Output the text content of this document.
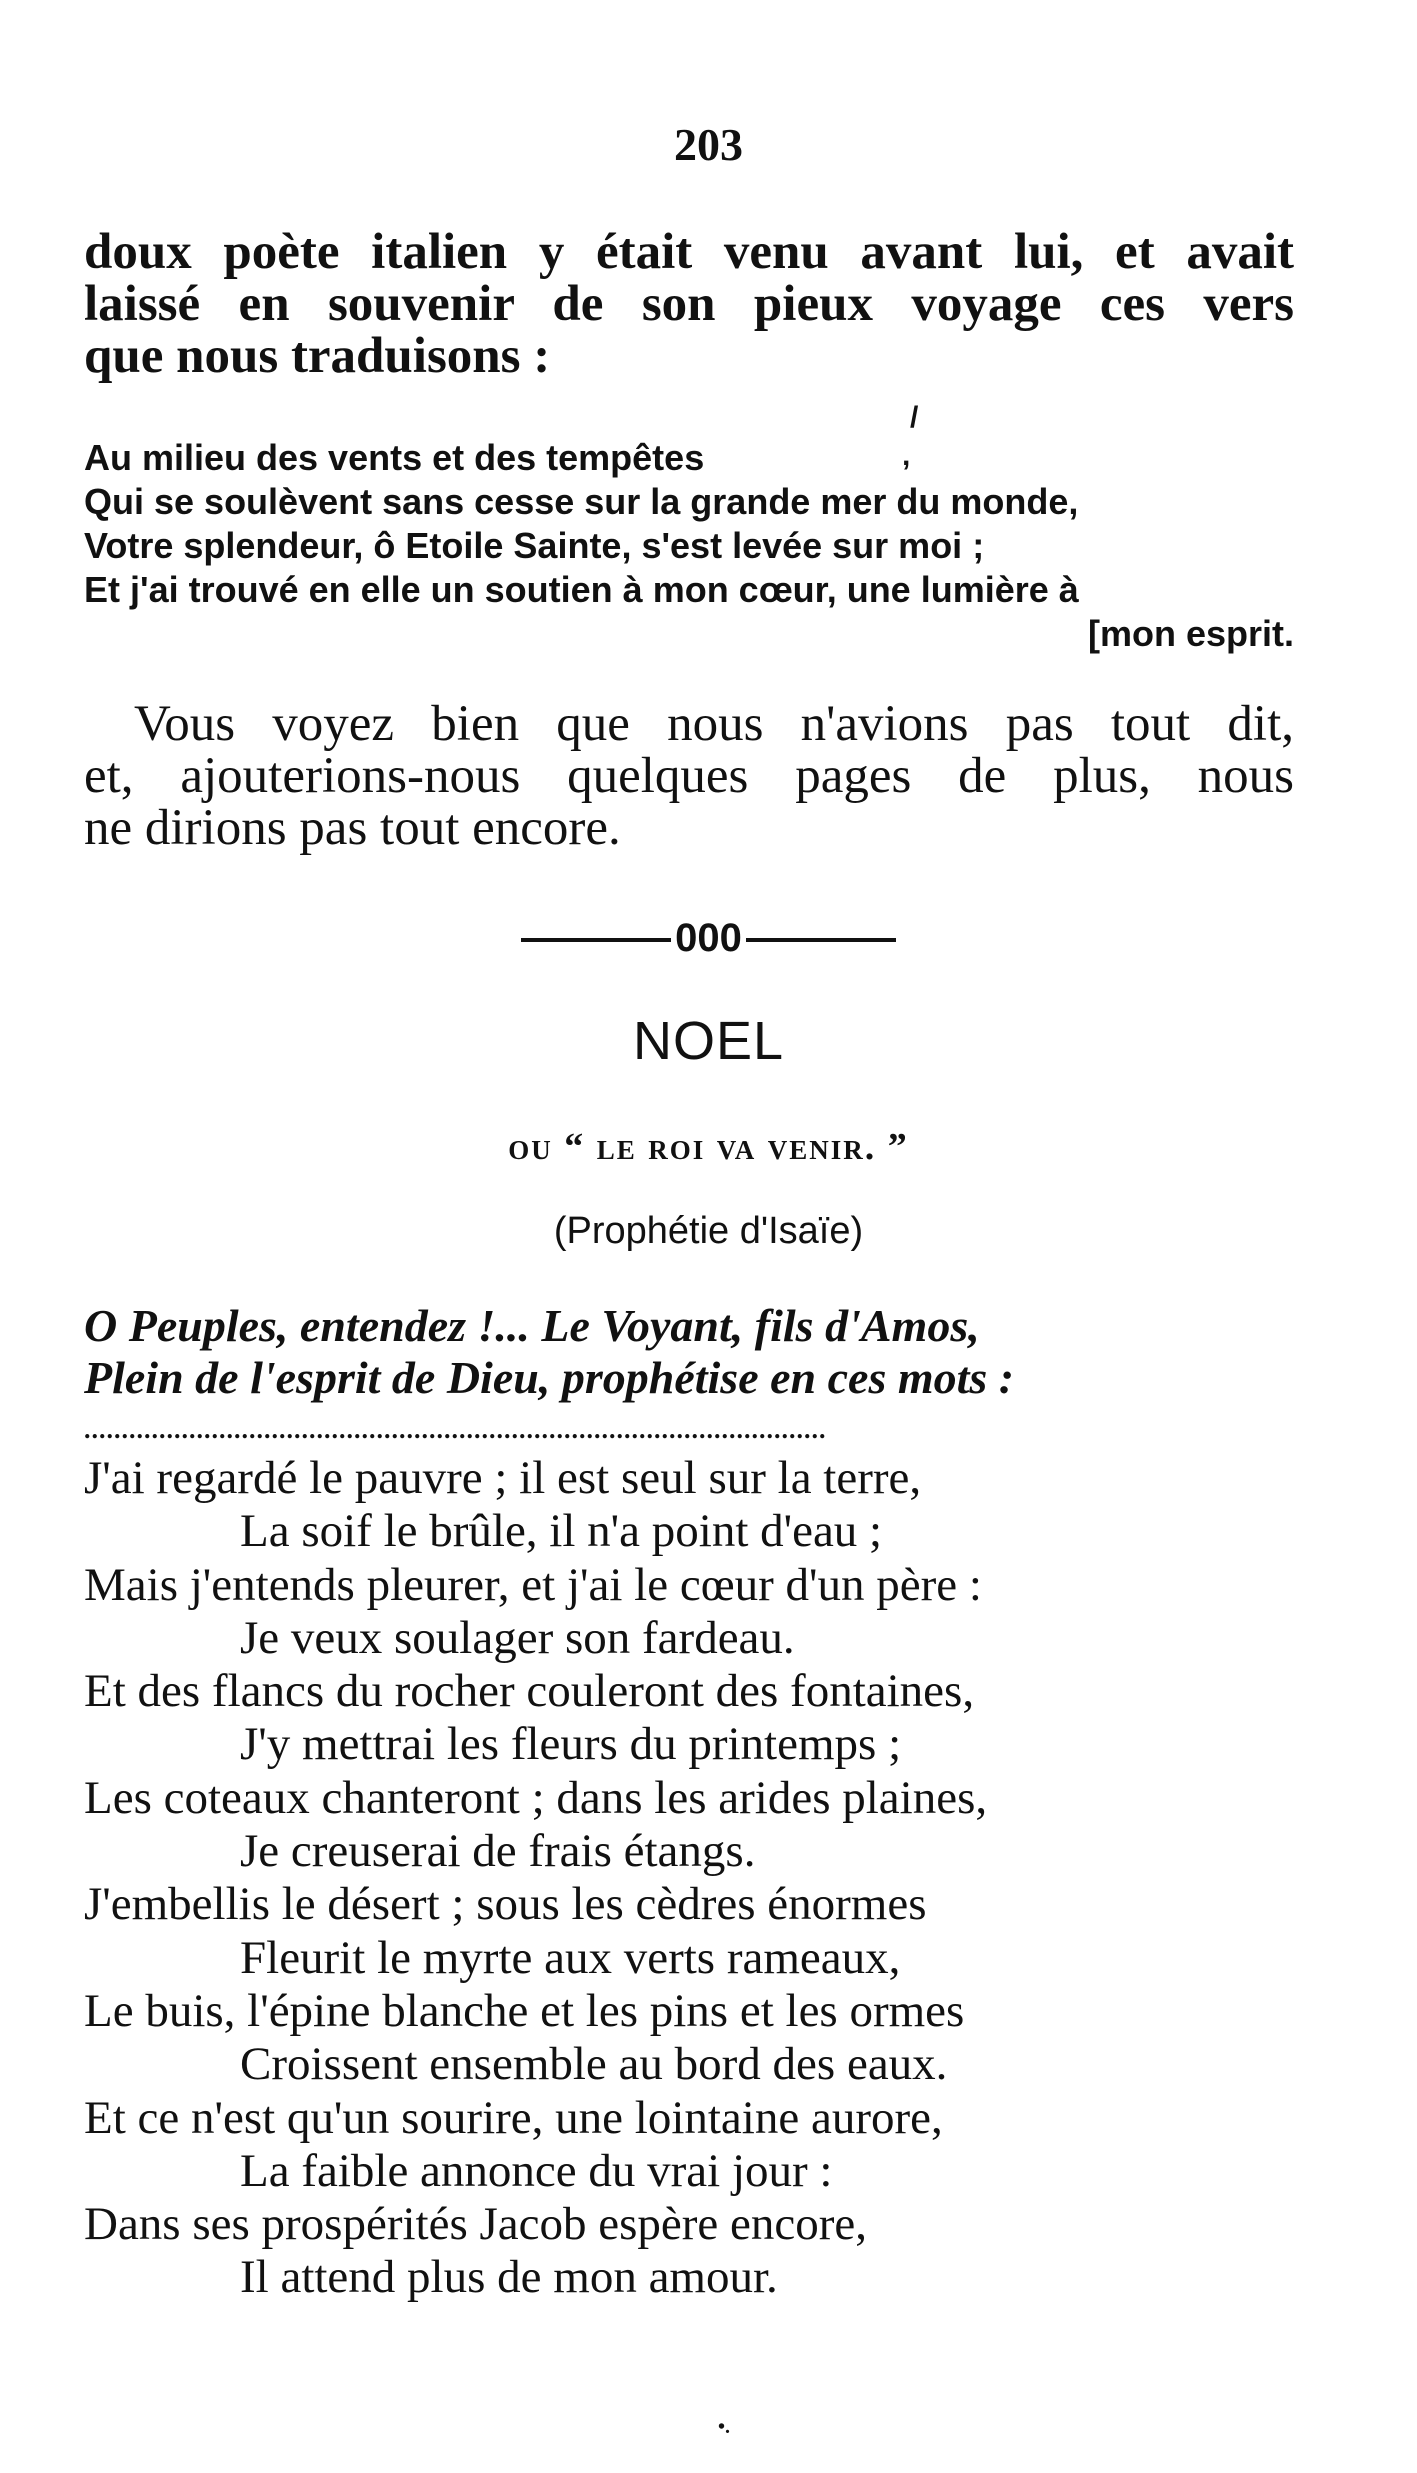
203
doux poète italien y était venu avant lui, et avait
laissé en souvenir de son pieux voyage ces vers
que nous traduisons :
/
,
Au milieu des vents et des tempêtes
Qui se soulèvent sans cesse sur la grande mer du monde,
Votre splendeur, ô Etoile Sainte, s'est levée sur moi ;
Et j'ai trouvé en elle un soutien à mon cœur, une lumière à
[mon esprit.
Vous voyez bien que nous n'avions pas tout dit,
et, ajouterions-nous quelques pages de plus, nous
ne dirions pas tout encore.
000
NOEL
ou “ le roi va venir. ”
(Prophétie d'Isaïe)
O Peuples, entendez !... Le Voyant, fils d'Amos,
Plein de l'esprit de Dieu, prophétise en ces mots :
...................................................................................................
J'ai regardé le pauvre ; il est seul sur la terre,
La soif le brûle, il n'a point d'eau ;
Mais j'entends pleurer, et j'ai le cœur d'un père :
Je veux soulager son fardeau.
Et des flancs du rocher couleront des fontaines,
J'y mettrai les fleurs du printemps ;
Les coteaux chanteront ; dans les arides plaines,
Je creuserai de frais étangs.
J'embellis le désert ; sous les cèdres énormes
Fleurit le myrte aux verts rameaux,
Le buis, l'épine blanche et les pins et les ormes
Croissent ensemble au bord des eaux.
Et ce n'est qu'un sourire, une lointaine aurore,
La faible annonce du vrai jour :
Dans ses prospérités Jacob espère encore,
Il attend plus de mon amour.
•.
